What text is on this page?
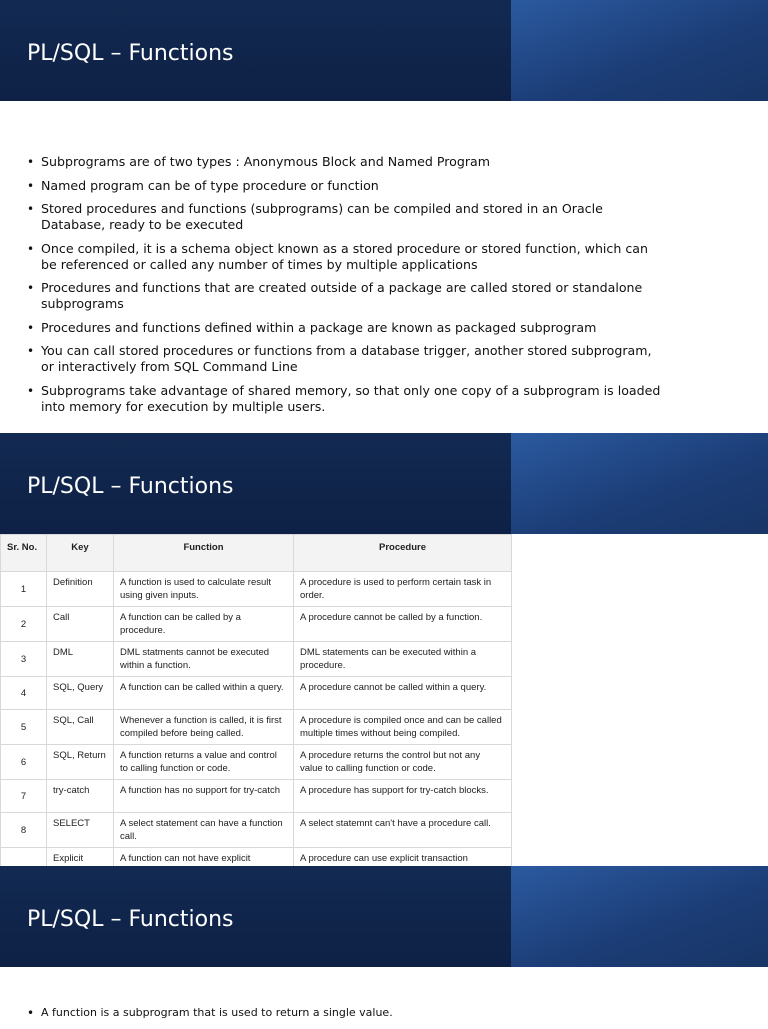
PL/SQL – Functions
• Subprograms are of two types : Anonymous Block and Named Program
• Named program can be of type procedure or function
• Stored procedures and functions (subprograms) can be compiled and stored in an Oracle Database, ready to be executed
• Once compiled, it is a schema object known as a stored procedure or stored function, which can be referenced or called any number of times by multiple applications
• Procedures and functions that are created outside of a package are called stored or standalone subprograms
• Procedures and functions defined within a package are known as packaged subprogram
• You can call stored procedures or functions from a database trigger, another stored subprogram, or interactively from SQL Command Line
• Subprograms take advantage of shared memory, so that only one copy of a subprogram is loaded into memory for execution by multiple users.
PL/SQL – Functions
Sr. No.	Key	Function	Procedure
1	Definition	A function is used to calculate result using given inputs.	A procedure is used to perform certain task in order.
2	Call	A function can be called by a procedure.	A procedure cannot be called by a function.
3	DML	DML statments cannot be executed within a function.	DML statements can be executed within a procedure.
4	SQL, Query	A function can be called within a query.	A procedure cannot be called within a query.
5	SQL, Call	Whenever a function is called, it is first compiled before being called.	A procedure is compiled once and can be called multiple times without being compiled.
6	SQL, Return	A function returns a value and control to calling function or code.	A procedure returns the control but not any value to calling function or code.
7	try-catch	A function has no support for try-catch	A procedure has support for try-catch blocks.
8	SELECT	A select statement can have a function call.	A select statemnt can't have a procedure call.
	Explicit	A function can not have explicit	A procedure can use explicit transaction
PL/SQL – Functions
• A function is a subprogram that is used to return a single value.
